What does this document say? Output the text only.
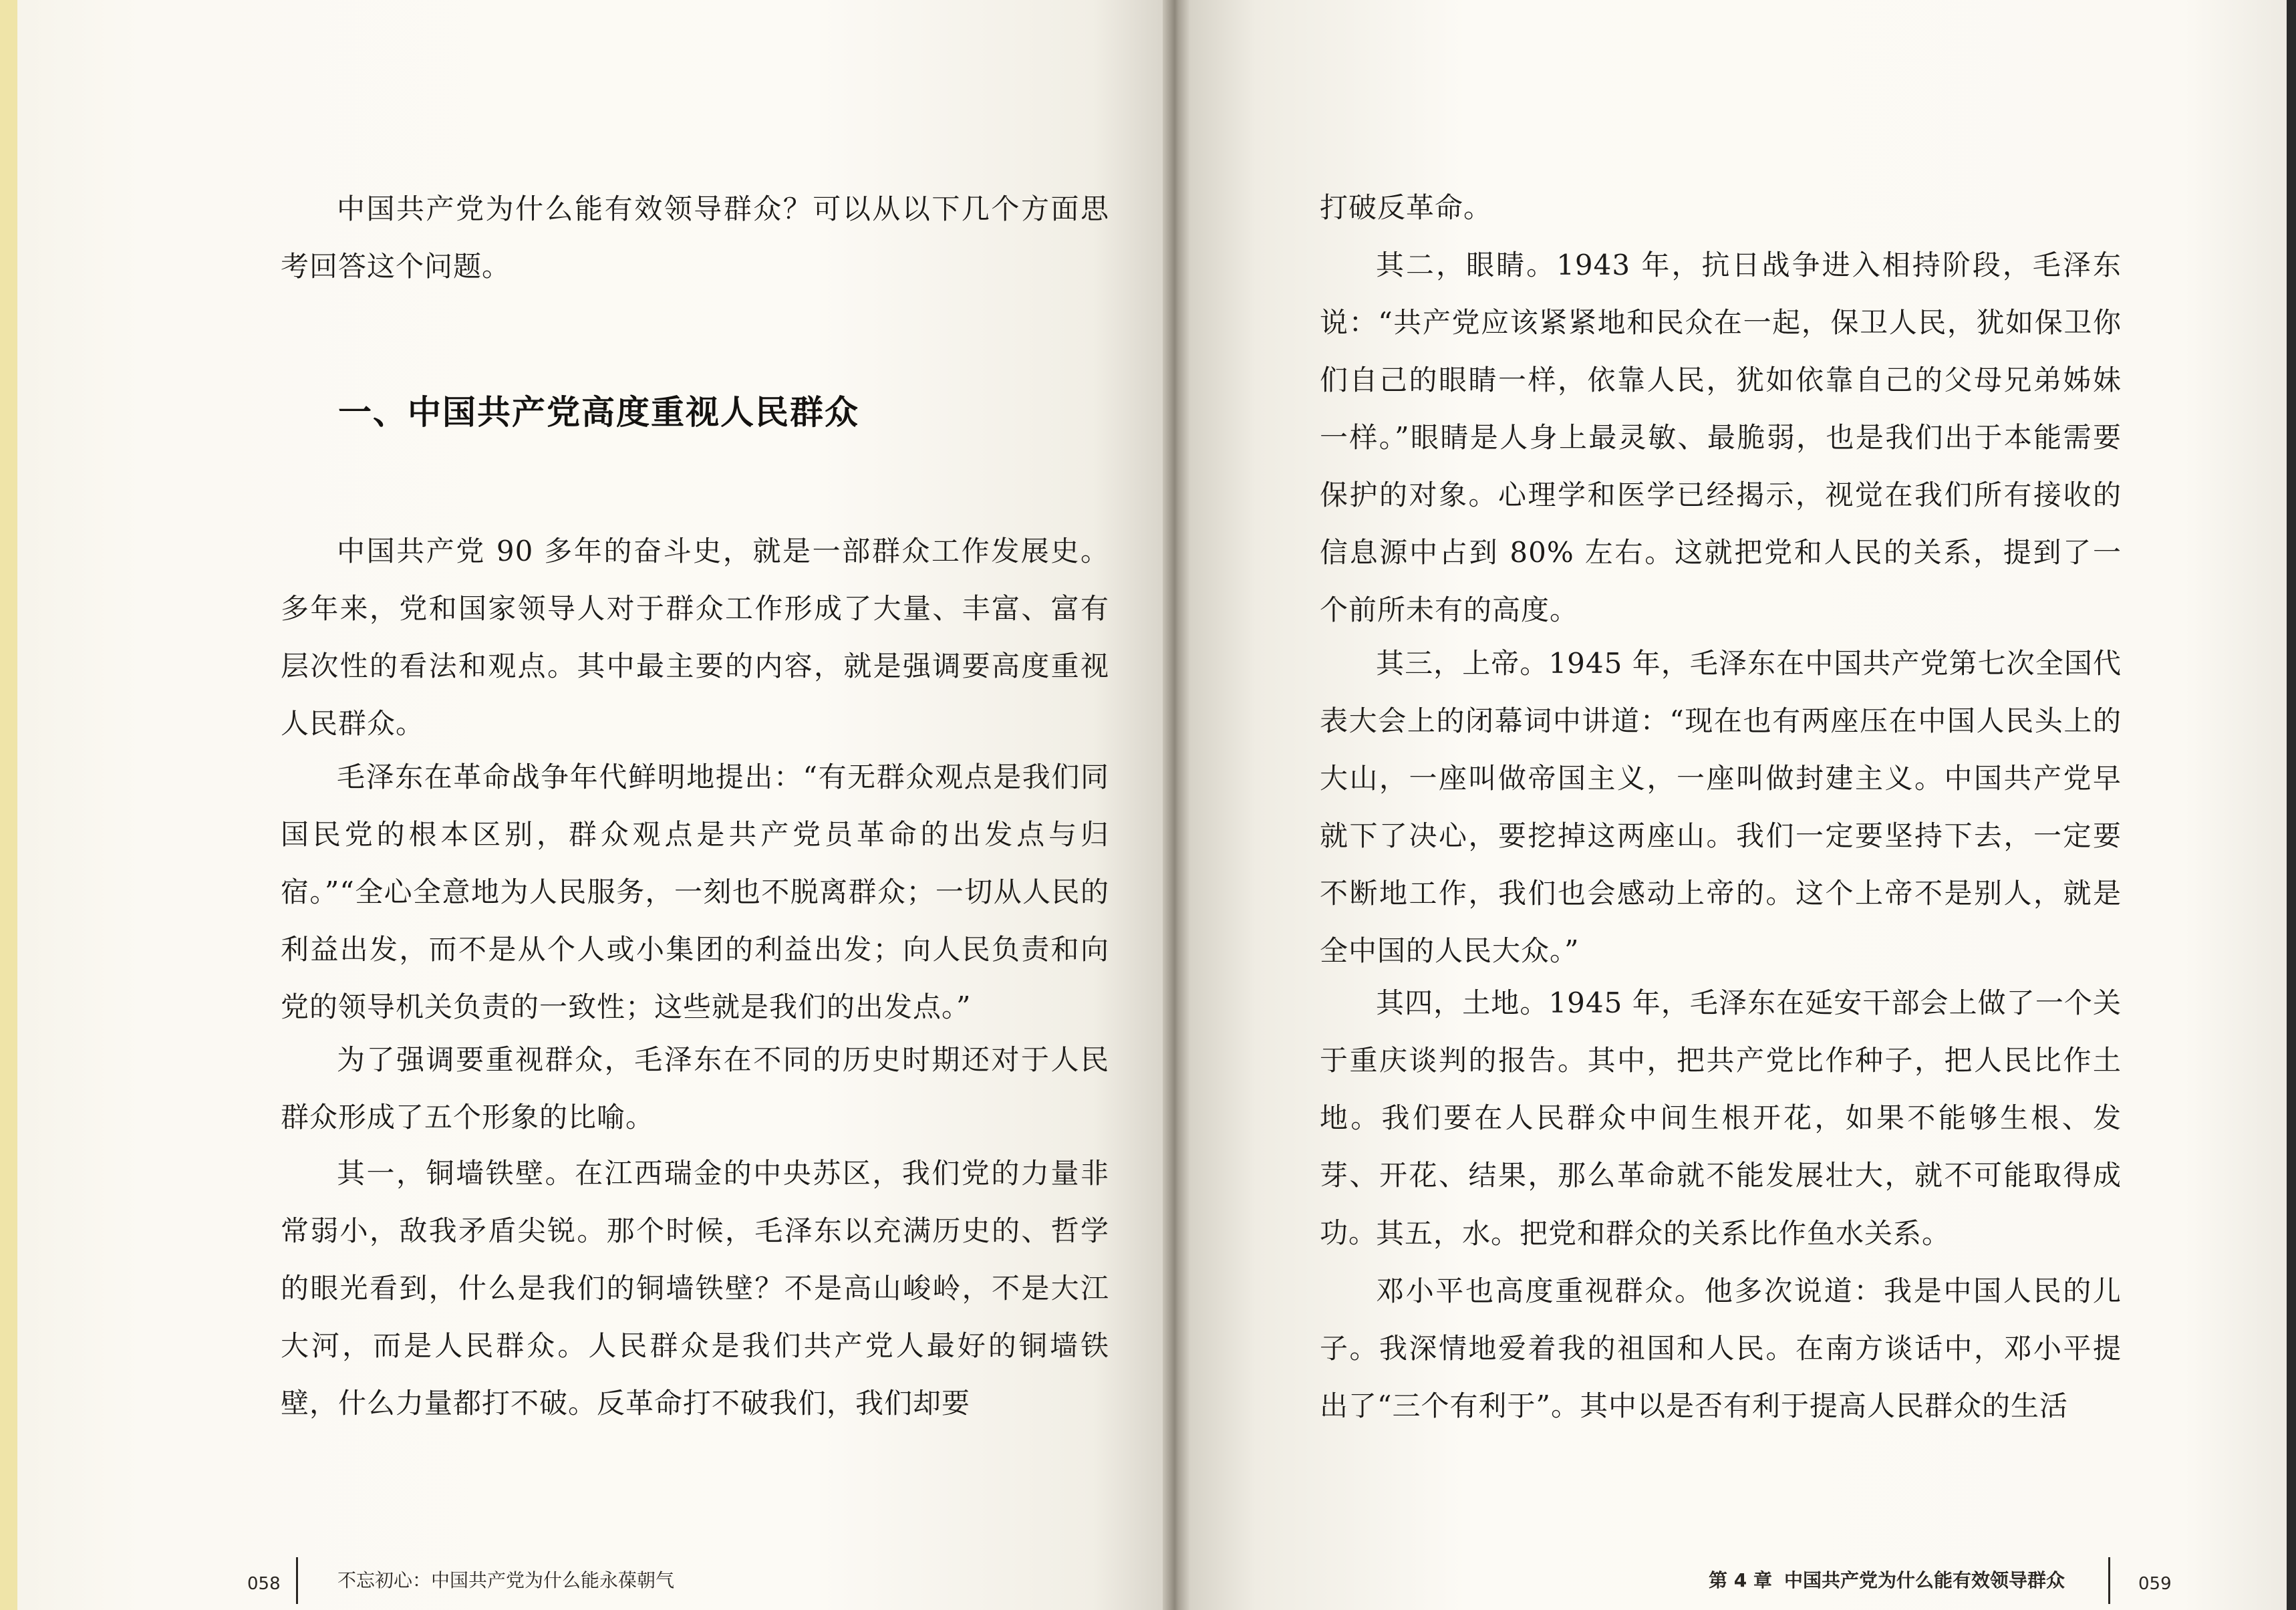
中国共产党为什么能有效领导群众？可以从以下几个方面思考回答这个问题。

一、中国共产党高度重视人民群众

中国共产党 90 多年的奋斗史，就是一部群众工作发展史。多年来，党和国家领导人对于群众工作形成了大量、丰富、富有层次性的看法和观点。其中最主要的内容，就是强调要高度重视人民群众。

毛泽东在革命战争年代鲜明地提出：“有无群众观点是我们同国民党的根本区别，群众观点是共产党员革命的出发点与归宿。”“全心全意地为人民服务，一刻也不脱离群众；一切从人民的利益出发，而不是从个人或小集团的利益出发；向人民负责和向党的领导机关负责的一致性；这些就是我们的出发点。”

为了强调要重视群众，毛泽东在不同的历史时期还对于人民群众形成了五个形象的比喻。

其一，铜墙铁壁。在江西瑞金的中央苏区，我们党的力量非常弱小，敌我矛盾尖锐。那个时候，毛泽东以充满历史的、哲学的眼光看到，什么是我们的铜墙铁壁？不是高山峻岭，不是大江大河，而是人民群众。人民群众是我们共产党人最好的铜墙铁壁，什么力量都打不破。反革命打不破我们，我们却要

058	不忘初心：中国共产党为什么能永葆朝气

打破反革命。

其二，眼睛。1943 年，抗日战争进入相持阶段，毛泽东说：“共产党应该紧紧地和民众在一起，保卫人民，犹如保卫你们自己的眼睛一样，依靠人民，犹如依靠自己的父母兄弟姊妹一样。”眼睛是人身上最灵敏、最脆弱，也是我们出于本能需要保护的对象。心理学和医学已经揭示，视觉在我们所有接收的信息源中占到 80% 左右。这就把党和人民的关系，提到了一个前所未有的高度。

其三，上帝。1945 年，毛泽东在中国共产党第七次全国代表大会上的闭幕词中讲道：“现在也有两座压在中国人民头上的大山，一座叫做帝国主义，一座叫做封建主义。中国共产党早就下了决心，要挖掉这两座山。我们一定要坚持下去，一定要不断地工作，我们也会感动上帝的。这个上帝不是别人，就是全中国的人民大众。”

其四，土地。1945 年，毛泽东在延安干部会上做了一个关于重庆谈判的报告。其中，把共产党比作种子，把人民比作土地。我们要在人民群众中间生根开花，如果不能够生根、发芽、开花、结果，那么革命就不能发展壮大，就不可能取得成功。

其五，水。把党和群众的关系比作鱼水关系。

邓小平也高度重视群众。他多次说道：我是中国人民的儿子。我深情地爱着我的祖国和人民。在南方谈话中，邓小平提出了“三个有利于”。其中以是否有利于提高人民群众的生活

第 4 章 中国共产党为什么能有效领导群众	059
